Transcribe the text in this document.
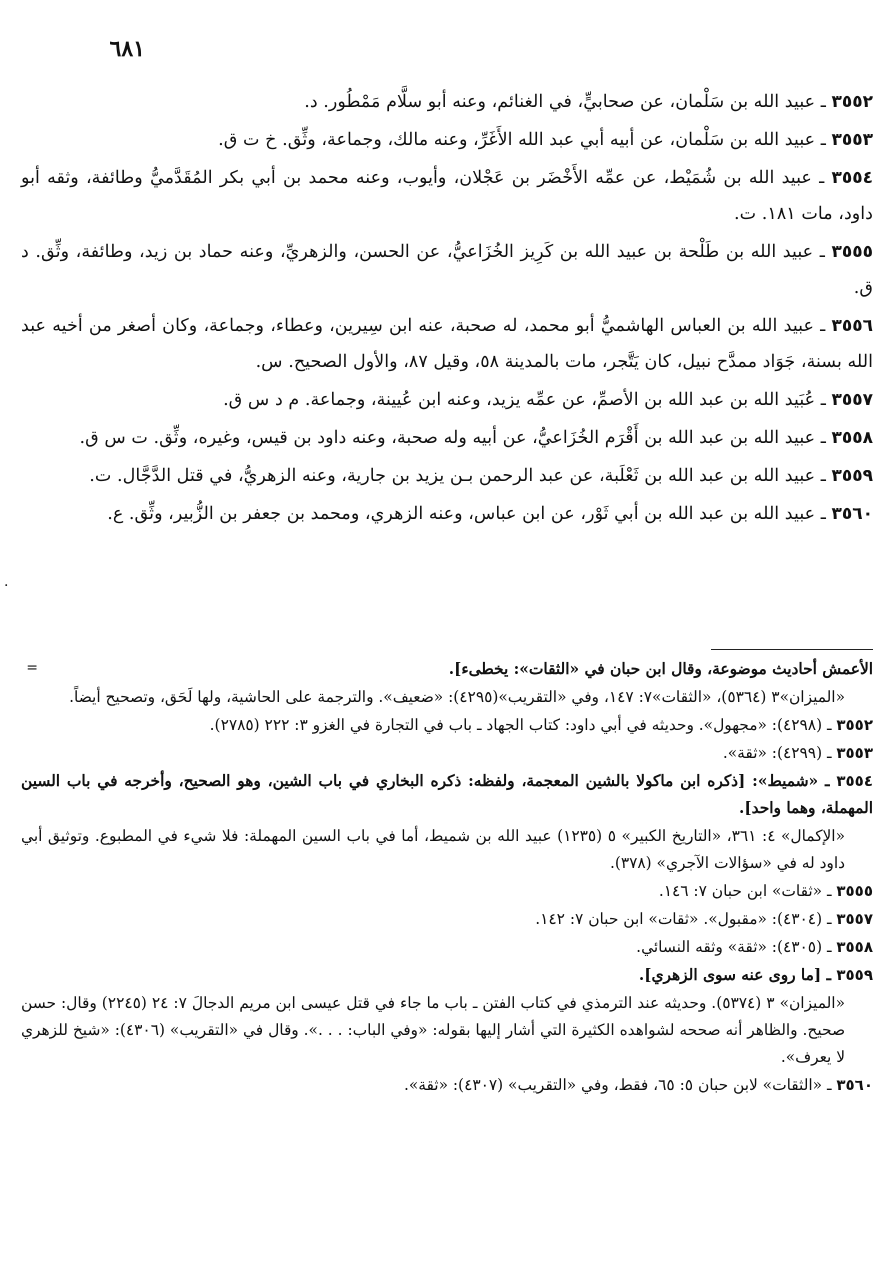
٦٨١
٣٥٥٢ ـ عبيد الله بن سَلْمان، عن صحابيٍّ، في الغنائم، وعنه أبو سلَّام مَمْطُور. د.
٣٥٥٣ ـ عبيد الله بن سَلْمان، عن أبيه أبي عبد الله الأَغَرِّ، وعنه مالك، وجماعة، وثِّق. خ ت ق.
٣٥٥٤ ـ عبيد الله بن شُمَيْط، عن عمِّه الأَخْضَر بن عَجْلان، وأيوب، وعنه محمد بن أبي بكر المُقَدَّميُّ وطائفة، وثقه أبو داود، مات ١٨١. ت.
٣٥٥٥ ـ عبيد الله بن طَلْحة بن عبيد الله بن كَرِيز الخُزَاعيُّ، عن الحسن، والزهريِّ، وعنه حماد بن زيد، وطائفة، وثِّق. د ق.
٣٥٥٦ ـ عبيد الله بن العباس الهاشميُّ أبو محمد، له صحبة، عنه ابن سِيرين، وعطاء، وجماعة، وكان أصغر من أخيه عبد الله بسنة، جَوَاد ممدَّح نبيل، كان يَتَّجر، مات بالمدينة ٥٨، وقيل ٨٧، والأول الصحيح. س.
٣٥٥٧ ـ عُبَيد الله بن عبد الله بن الأصمِّ، عن عمِّه يزيد، وعنه ابن عُيينة، وجماعة. م د س ق.
٣٥٥٨ ـ عبيد الله بن عبد الله بن أَقْرَم الخُزَاعيُّ، عن أبيه وله صحبة، وعنه داود بن قيس، وغيره، وثِّق. ت س ق.
٣٥٥٩ ـ عبيد الله بن عبد الله بن ثَعْلَبة، عن عبد الرحمن بـن يزيد بن جارية، وعنه الزهريُّ، في قتل الدَّجَّال. ت.
٣٥٦٠ ـ عبيد الله بن عبد الله بن أبي ثَوْر، عن ابن عباس، وعنه الزهري، ومحمد بن جعفر بن الزُّبير، وثِّق. ع.
·
=	الأعمش أحاديث موضوعة، وقال ابن حبان في «الثقات»: يخطىء].
«الميزان»٣ (٥٣٦٤)، «الثقات»٧: ١٤٧، وفي «التقريب»(٤٢٩٥): «ضعيف». والترجمة على الحاشية، ولها لَحَق، وتصحيح أيضاً.
٣٥٥٢ ـ (٤٢٩٨): «مجهول». وحديثه في أبي داود: كتاب الجهاد ـ باب في التجارة في الغزو ٣: ٢٢٢ (٢٧٨٥).
٣٥٥٣ ـ (٤٢٩٩): «ثقة».
٣٥٥٤ ـ «شميط»: [ذكره ابن ماكولا بالشين المعجمة، ولفظه: ذكره البخاري في باب الشين، وهو الصحيح، وأخرجه في باب السين المهملة، وهما واحد].
«الإكمال» ٤: ٣٦١، «التاريخ الكبير» ٥ (١٢٣٥) عبيد الله بن شميط، أما في باب السين المهملة: فلا شيء في المطبوع. وتوثيق أبي داود له في «سؤالات الآجري» (٣٧٨).
٣٥٥٥ ـ «ثقات» ابن حبان ٧: ١٤٦.
٣٥٥٧ ـ (٤٣٠٤): «مقبول». «ثقات» ابن حبان ٧: ١٤٢.
٣٥٥٨ ـ (٤٣٠٥): «ثقة» وثقه النسائي.
٣٥٥٩ ـ [ما روى عنه سوى الزهري].
«الميزان» ٣ (٥٣٧٤). وحديثه عند الترمذي في كتاب الفتن ـ باب ما جاء في قتل عيسى ابن مريم الدجالَ ٧: ٢٤ (٢٢٤٥) وقال: حسن صحيح. والظاهر أنه صححه لشواهده الكثيرة التي أشار إليها بقوله: «وفي الباب: . . .». وقال في «التقريب» (٤٣٠٦): «شيخ للزهري لا يعرف».
٣٥٦٠ ـ «الثقات» لابن حبان ٥: ٦٥، فقط، وفي «التقريب» (٤٣٠٧): «ثقة».
